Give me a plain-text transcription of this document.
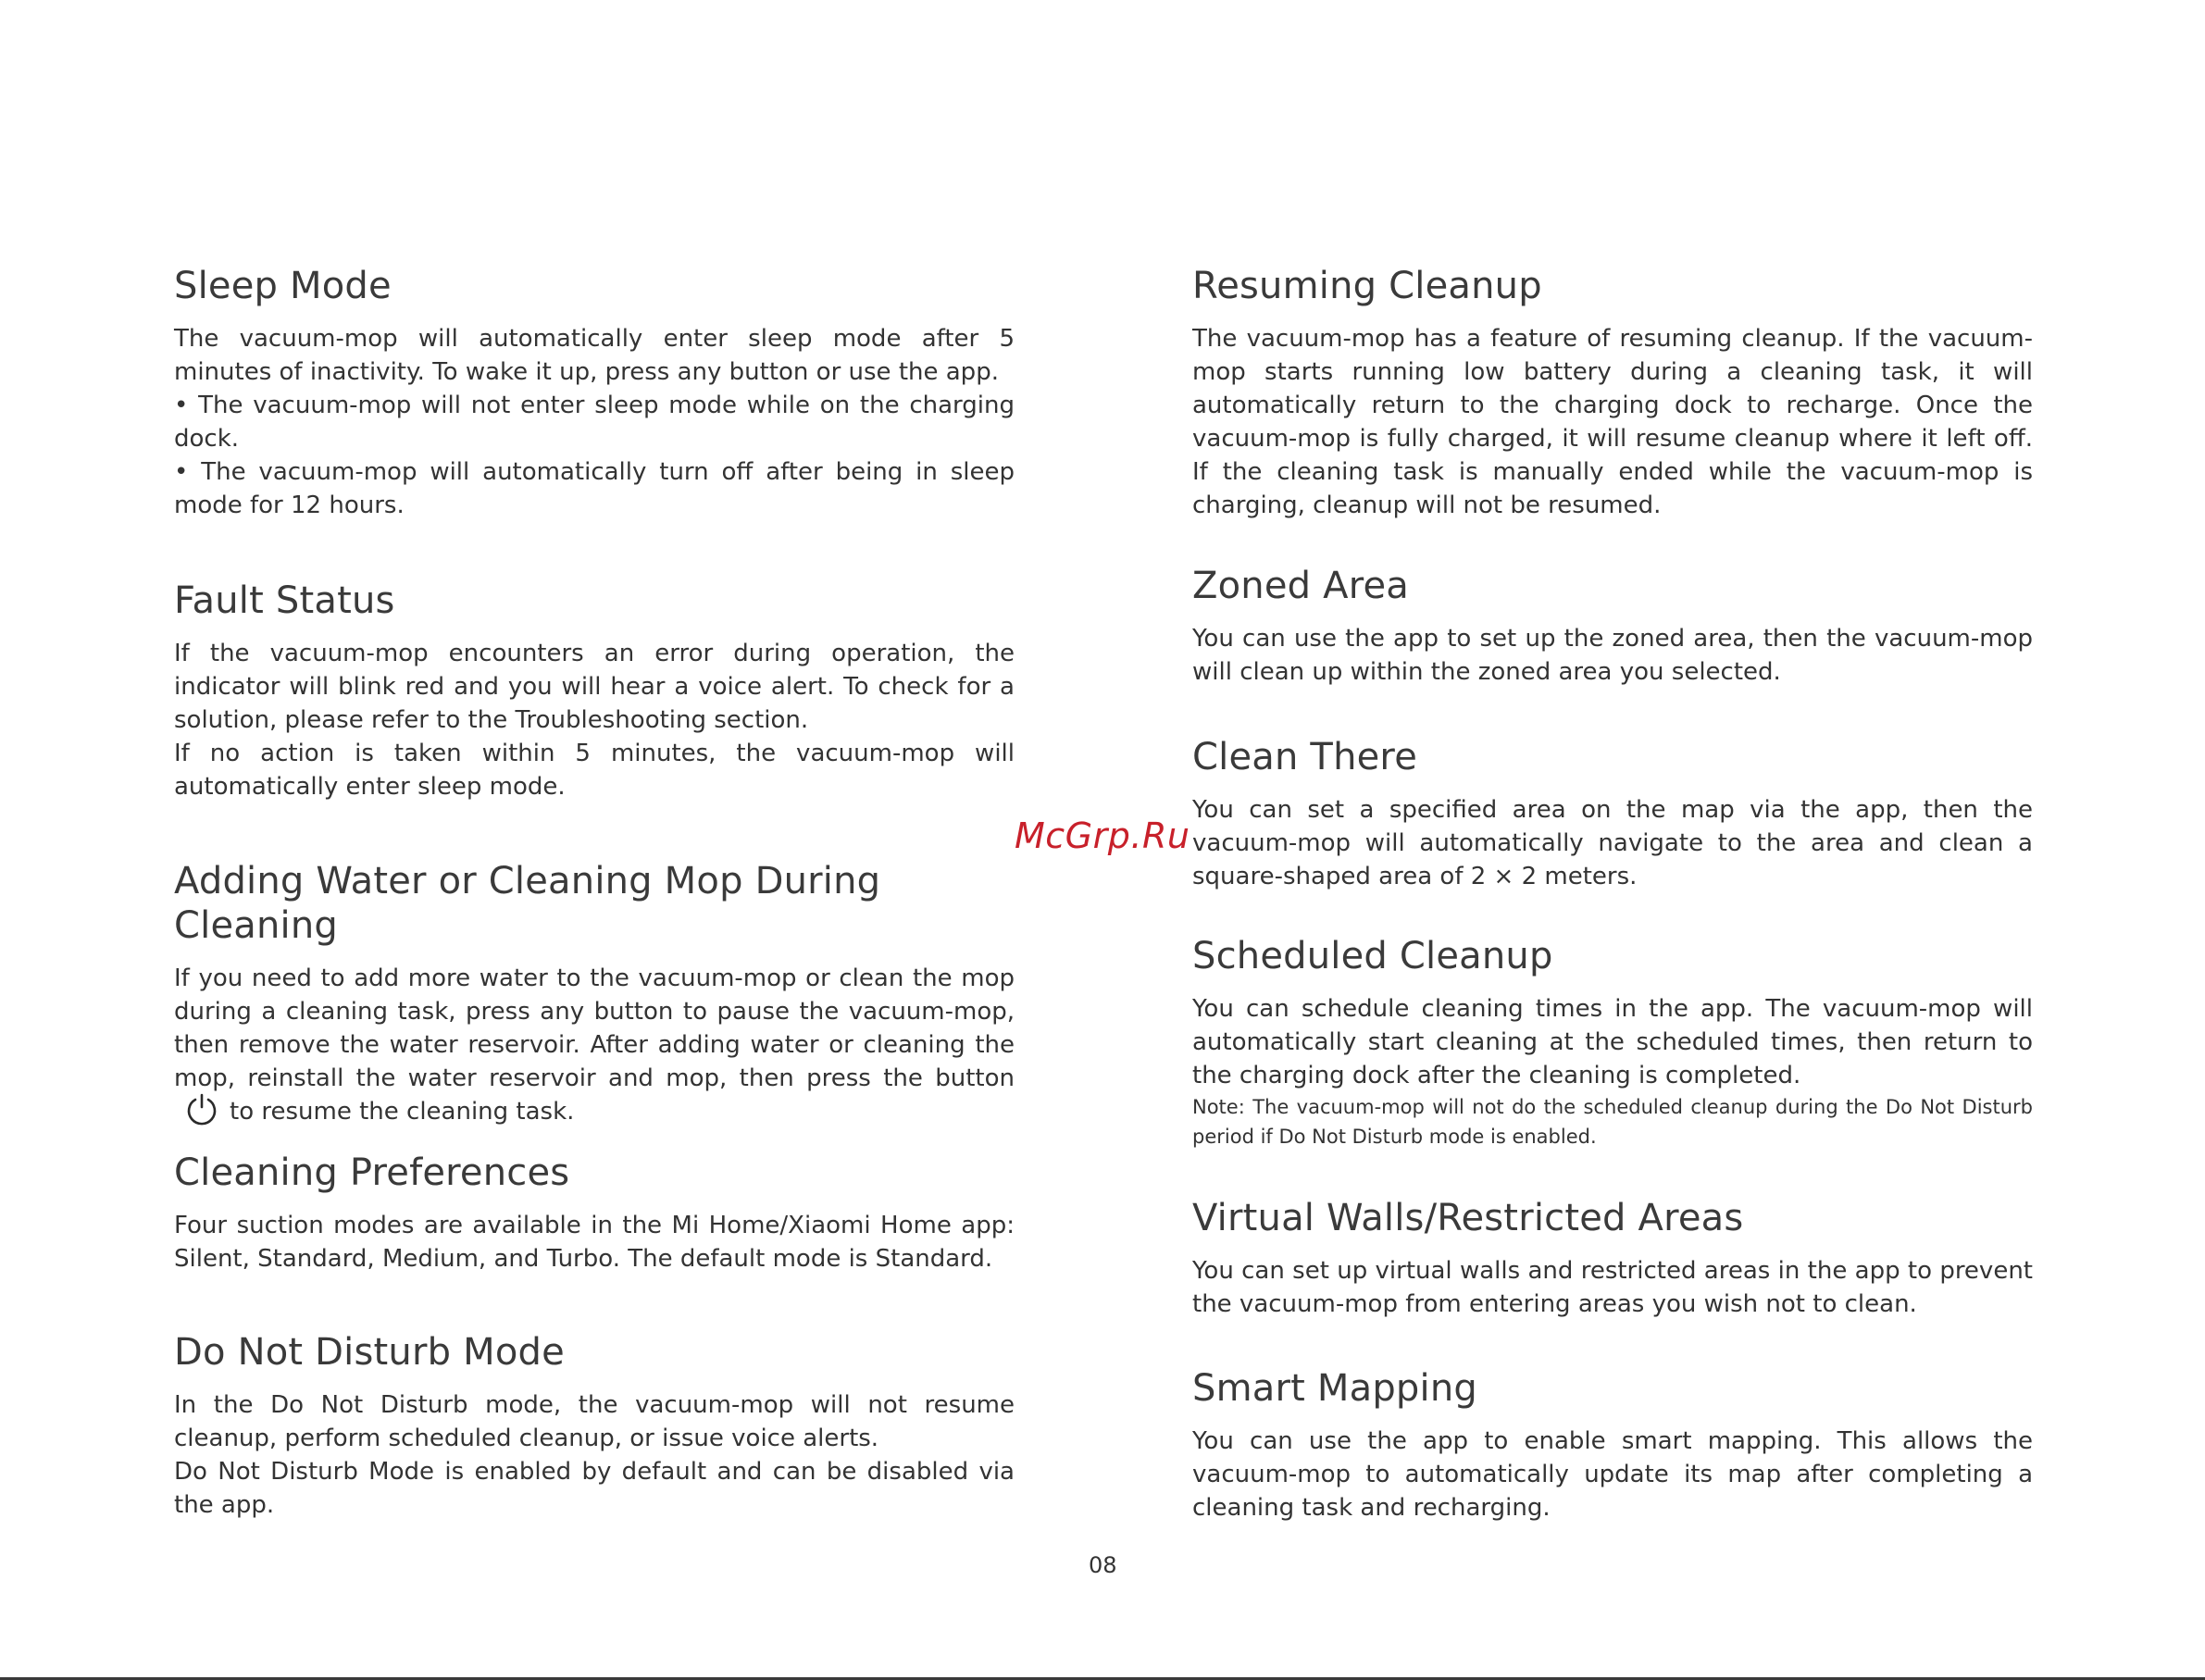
Sleep Mode

The vacuum-mop will automatically enter sleep mode after 5 minutes of inactivity. To wake it up, press any button or use the app.

• The vacuum-mop will not enter sleep mode while on the charging dock.

• The vacuum-mop will automatically turn off after being in sleep mode for 12 hours.

Fault Status

If the vacuum-mop encounters an error during operation, the indicator will blink red and you will hear a voice alert. To check for a solution, please refer to the Troubleshooting section.

If no action is taken within 5 minutes, the vacuum-mop will automatically enter sleep mode.

Adding Water or Cleaning Mop During Cleaning

If you need to add more water to the vacuum-mop or clean the mop during a cleaning task, press any button to pause the vacuum-mop, then remove the water reservoir. After adding water or cleaning the mop, reinstall the water reservoir and mop, then press the buttonto resume the cleaning task.

Cleaning Preferences

Four suction modes are available in the Mi Home/Xiaomi Home app: Silent, Standard, Medium, and Turbo. The default mode is Standard.

Do Not Disturb Mode

In the Do Not Disturb mode, the vacuum-mop will not resume cleanup, perform scheduled cleanup, or issue voice alerts.

Do Not Disturb Mode is enabled by default and can be disabled via the app.

Resuming Cleanup

The vacuum-mop has a feature of resuming cleanup. If the vacuum-mop starts running low battery during a cleaning task, it will automatically return to the charging dock to recharge. Once the vacuum-mop is fully charged, it will resume cleanup where it left off. If the cleaning task is manually ended while the vacuum-mop is charging, cleanup will not be resumed.

Zoned Area

You can use the app to set up the zoned area, then the vacuum-mop will clean up within the zoned area you selected.

Clean There

You can set a specified area on the map via the app, then the vacuum-mop will automatically navigate to the area and clean a square-shaped area of 2 × 2 meters.

Scheduled Cleanup

You can schedule cleaning times in the app. The vacuum-mop will automatically start cleaning at the scheduled times, then return to the charging dock after the cleaning is completed.

Note: The vacuum-mop will not do the scheduled cleanup during the Do Not Disturb period if Do Not Disturb mode is enabled.

Virtual Walls/Restricted Areas

You can set up virtual walls and restricted areas in the app to prevent the vacuum-mop from entering areas you wish not to clean.

Smart Mapping

You can use the app to enable smart mapping. This allows the vacuum-mop to automatically update its map after completing a cleaning task and recharging.

McGrp.Ru
08
